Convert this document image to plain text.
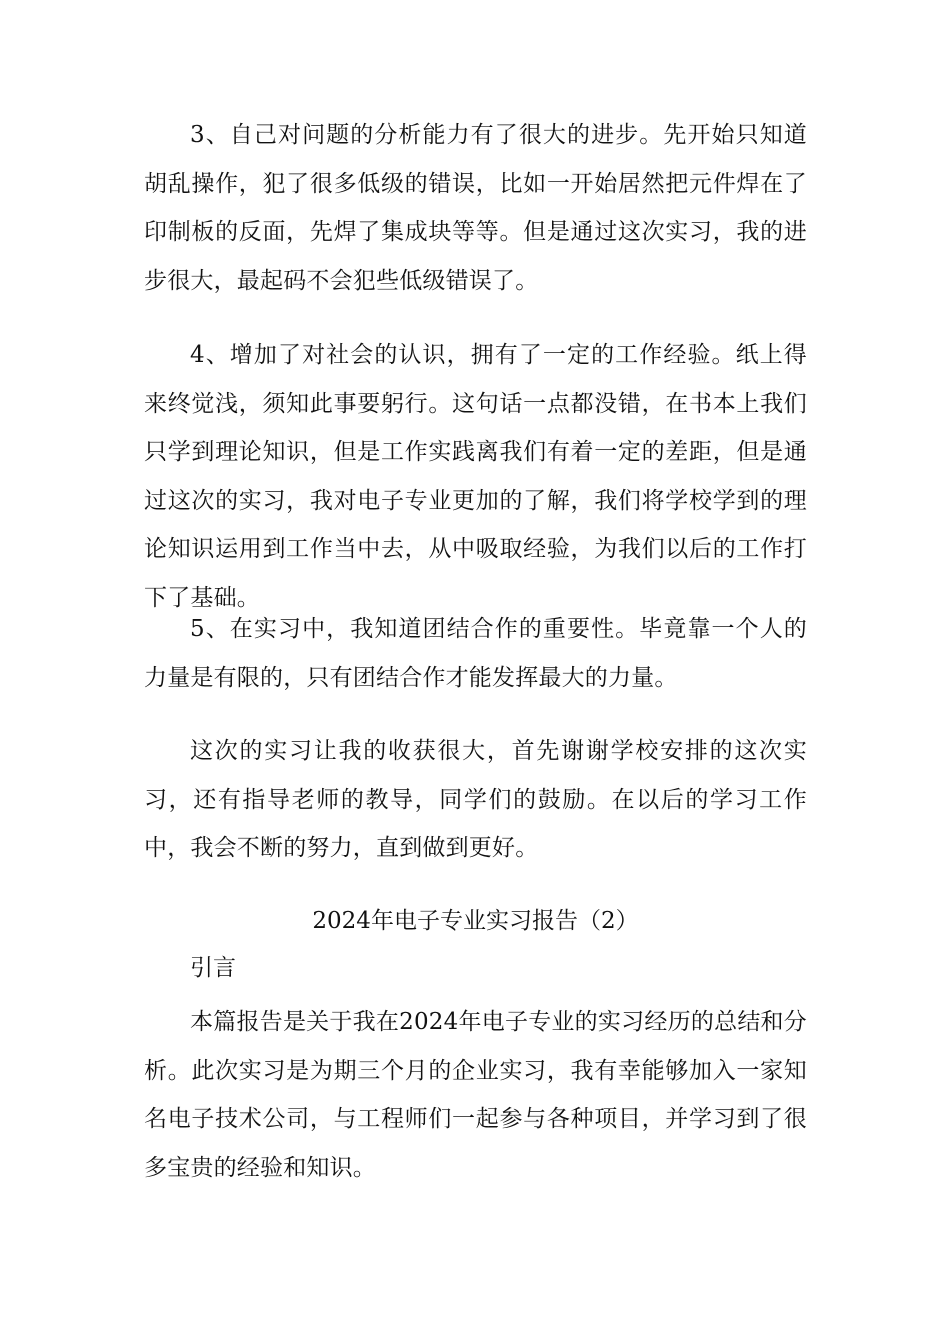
3、自己对问题的分析能力有了很大的进步。先开始只知道胡乱操作，犯了很多低级的错误，比如一开始居然把元件焊在了印制板的反面，先焊了集成块等等。但是通过这次实习，我的进步很大，最起码不会犯些低级错误了。

4、增加了对社会的认识，拥有了一定的工作经验。纸上得来终觉浅，须知此事要躬行。这句话一点都没错，在书本上我们只学到理论知识，但是工作实践离我们有着一定的差距，但是通过这次的实习，我对电子专业更加的了解，我们将学校学到的理论知识运用到工作当中去，从中吸取经验，为我们以后的工作打下了基础。

5、在实习中，我知道团结合作的重要性。毕竟靠一个人的力量是有限的，只有团结合作才能发挥最大的力量。

这次的实习让我的收获很大，首先谢谢学校安排的这次实习，还有指导老师的教导，同学们的鼓励。在以后的学习工作中，我会不断的努力，直到做到更好。

2024年电子专业实习报告（2）

引言

本篇报告是关于我在2024年电子专业的实习经历的总结和分析。此次实习是为期三个月的企业实习，我有幸能够加入一家知名电子技术公司，与工程师们一起参与各种项目，并学习到了很多宝贵的经验和知识。
